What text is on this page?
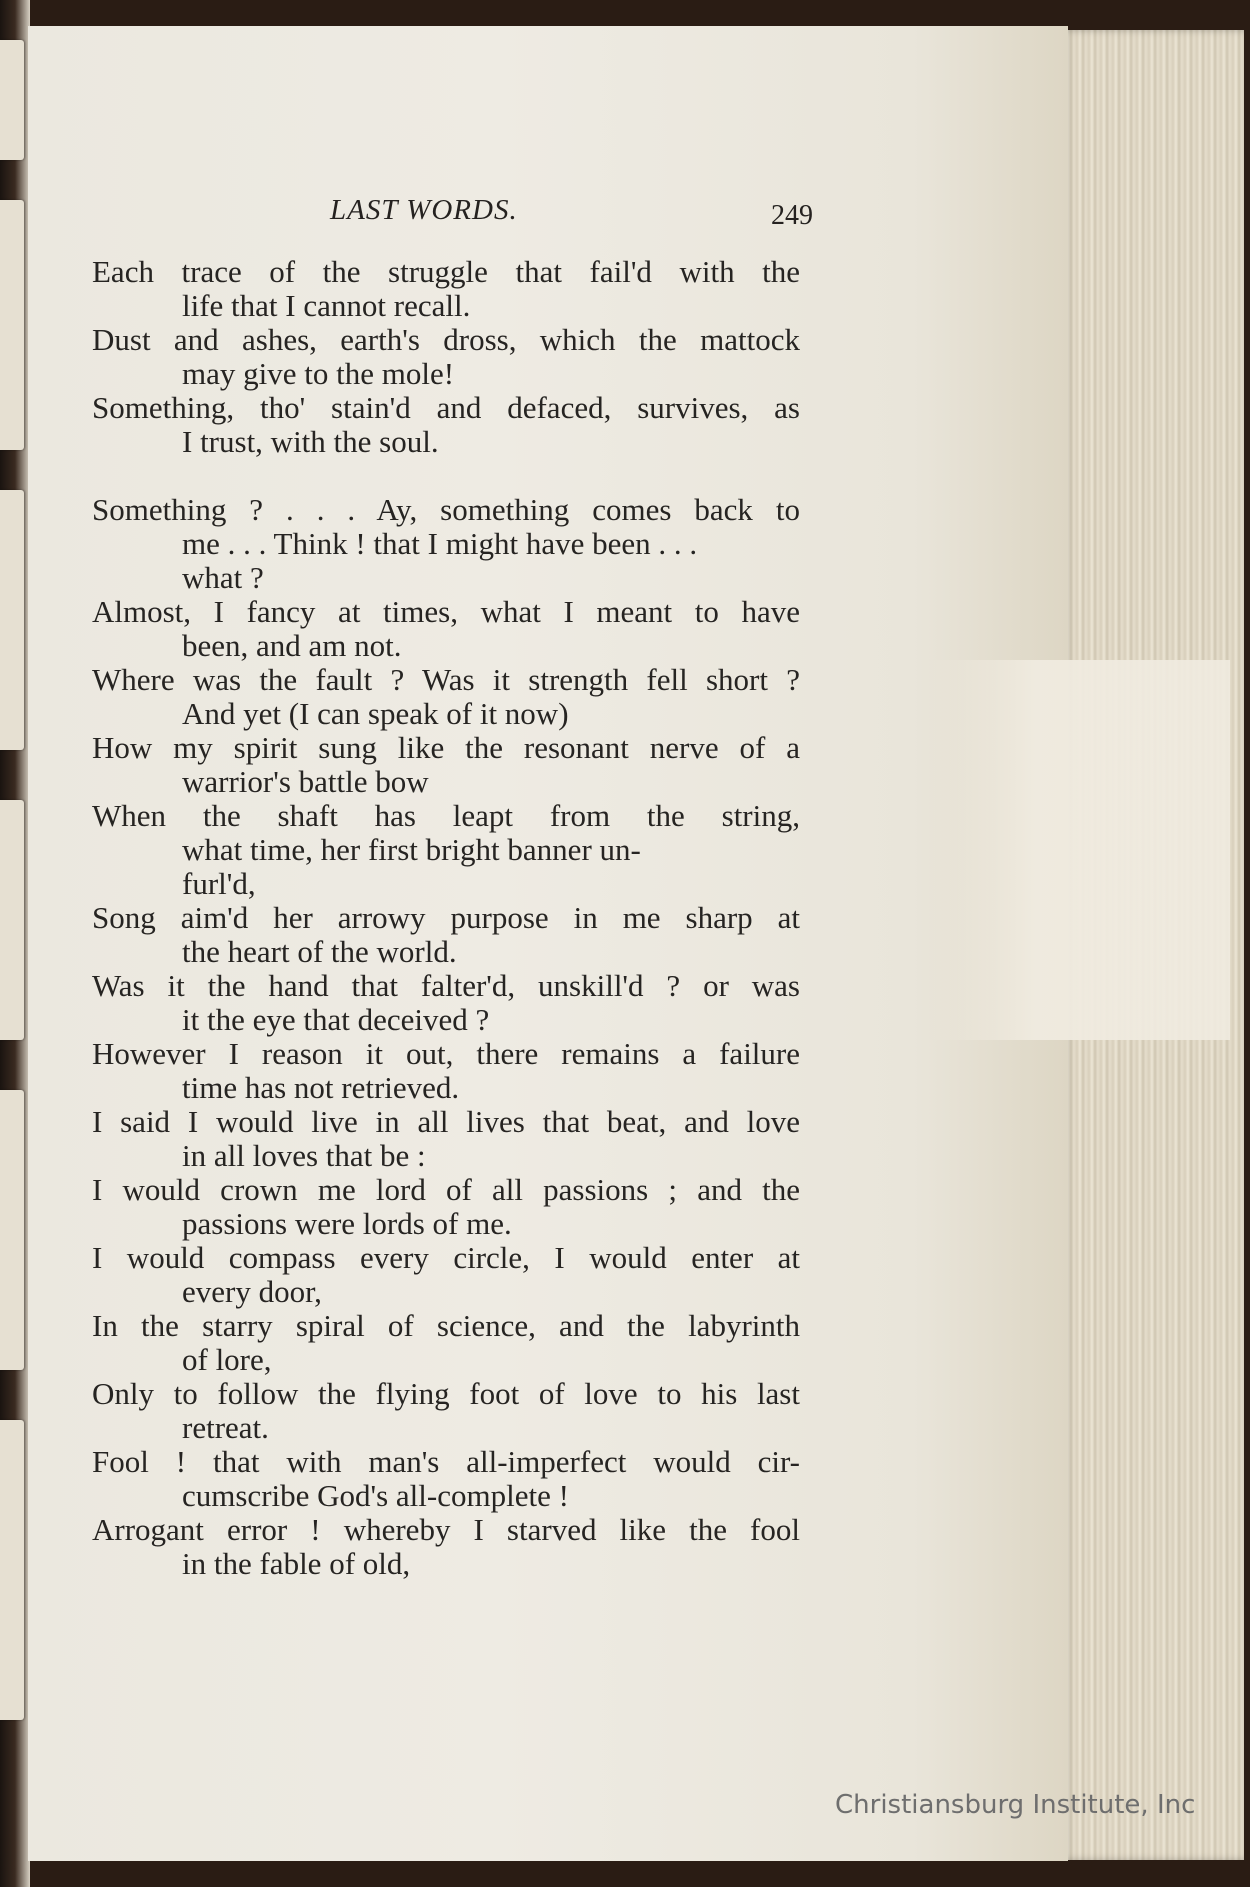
LAST WORDS.	249
Each trace of the struggle that fail'd with the
life that I cannot recall.
Dust and ashes, earth's dross, which the mattock
may give to the mole!
Something, tho' stain'd and defaced, survives, as
I trust, with the soul.
Something ? . . . Ay, something comes back to
me . . . Think ! that I might have been . . .
what ?
Almost, I fancy at times, what I meant to have
been, and am not.
Where was the fault ? Was it strength fell short ?
And yet (I can speak of it now)
How my spirit sung like the resonant nerve of a
warrior's battle bow
When the shaft has leapt from the string,
what time, her first bright banner un-
furl'd,
Song aim'd her arrowy purpose in me sharp at
the heart of the world.
Was it the hand that falter'd, unskill'd ? or was
it the eye that deceived ?
However I reason it out, there remains a failure
time has not retrieved.
I said I would live in all lives that beat, and love
in all loves that be :
I would crown me lord of all passions ; and the
passions were lords of me.
I would compass every circle, I would enter at
every door,
In the starry spiral of science, and the labyrinth
of lore,
Only to follow the flying foot of love to his last
retreat.
Fool ! that with man's all-imperfect would cir-
cumscribe God's all-complete !
Arrogant error ! whereby I starved like the fool
in the fable of old,
Christiansburg Institute, Inc
